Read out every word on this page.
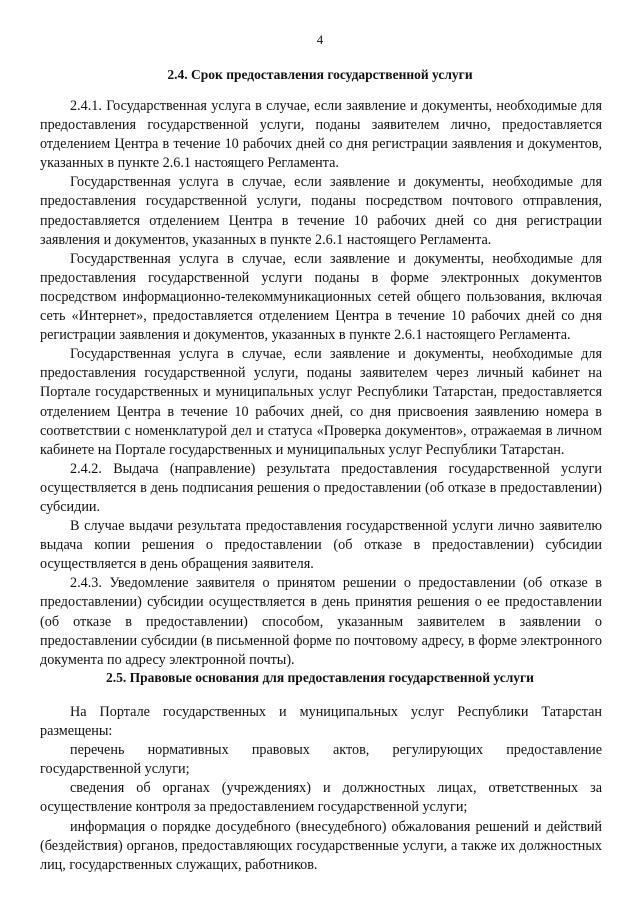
4
2.4. Срок предоставления государственной услуги

2.4.1. Государственная услуга в случае, если заявление и документы, необходимые для предоставления государственной услуги, поданы заявителем лично, предоставляется отделением Центра в течение 10 рабочих дней со дня регистрации заявления и документов, указанных в пункте 2.6.1 настоящего Регламента.

Государственная услуга в случае, если заявление и документы, необходимые для предоставления государственной услуги, поданы посредством почтового отправления, предоставляется отделением Центра в течение 10 рабочих дней со дня регистрации заявления и документов, указанных в пункте 2.6.1 настоящего Регламента.

Государственная услуга в случае, если заявление и документы, необходимые для предоставления государственной услуги поданы в форме электронных документов посредством информационно-телекоммуникационных сетей общего пользования, включая сеть «Интернет», предоставляется отделением Центра в течение 10 рабочих дней со дня регистрации заявления и документов, указанных в пункте 2.6.1 настоящего Регламента.

Государственная услуга в случае, если заявление и документы, необходимые для предоставления государственной услуги, поданы заявителем через личный кабинет на Портале государственных и муниципальных услуг Республики Татарстан, предоставляется отделением Центра в течение 10 рабочих дней, со дня присвоения заявлению номера в соответствии с номенклатурой дел и статуса «Проверка документов», отражаемая в личном кабинете на Портале государственных и муниципальных услуг Республики Татарстан.

2.4.2. Выдача (направление) результата предоставления государственной услуги осуществляется в день подписания решения о предоставлении (об отказе в предоставлении) субсидии.

В случае выдачи результата предоставления государственной услуги лично заявителю выдача копии решения о предоставлении (об отказе в предоставлении) субсидии осуществляется в день обращения заявителя.

2.4.3. Уведомление заявителя о принятом решении о предоставлении (об отказе в предоставлении) субсидии осуществляется в день принятия решения о ее предоставлении (об отказе в предоставлении) способом, указанным заявителем в заявлении о предоставлении субсидии (в письменной форме по почтовому адресу, в форме электронного документа по адресу электронной почты).

2.5. Правовые основания для предоставления государственной услуги

На Портале государственных и муниципальных услуг Республики Татарстан размещены:

перечень нормативных правовых актов, регулирующих предоставление государственной услуги;

сведения об органах (учреждениях) и должностных лицах, ответственных за осуществление контроля за предоставлением государственной услуги;

информация о порядке досудебного (внесудебного) обжалования решений и действий (бездействия) органов, предоставляющих государственные услуги, а также их должностных лиц, государственных служащих, работников.
